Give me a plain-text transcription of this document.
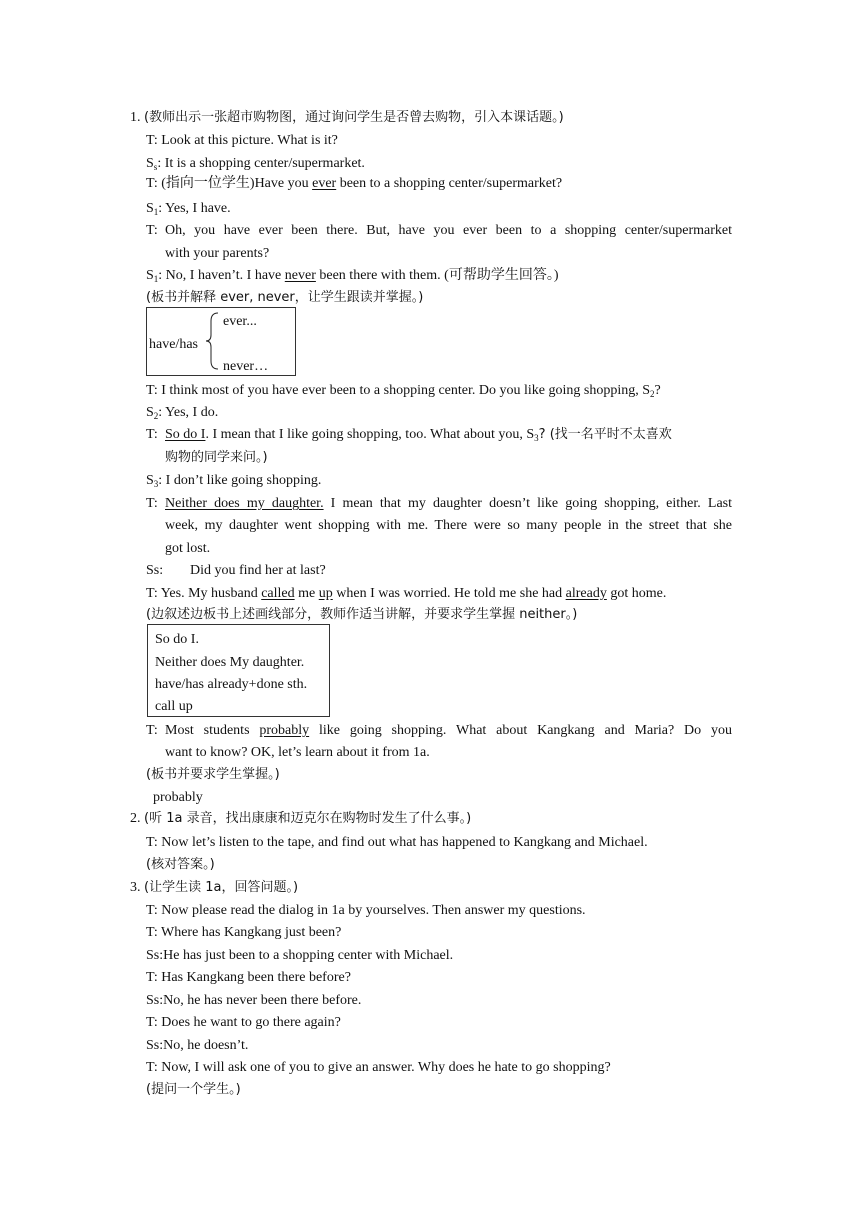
1. (教师出示一张超市购物图，通过询问学生是否曾去购物，引入本课话题。)
T: Look at this picture. What is it?
$S_s$: It is a shopping center/supermarket.
T: (指向一位学生)Have you ever been to a shopping center/supermarket?
$S_1$: Yes, I have.
T: Oh, you have ever been there. But, have you ever been to a shopping center/supermarket
with your parents?
$S_1$: No, I haven’t. I have never been there with them. (可帮助学生回答。)
(板书并解释 ever, never，让学生跟读并掌握。)
have/has
ever...
never…
T: I think most of you have ever been to a shopping center. Do you like going shopping, $S_2$?
$S_2$: Yes, I do.
T: So do I. I mean that I like going shopping, too. What about you, $S_3$? (找一名平时不太喜欢
购物的同学来问。)
$S_3$: I don’t like going shopping.
T: Neither does my daughter. I mean that my daughter doesn’t like going shopping, either. Last
week, my daughter went shopping with me. There were so many people in the street that she
got lost.
Ss: Did you find her at last?
T: Yes. My husband called me up when I was worried. He told me she had already got home.
(边叙述边板书上述画线部分，教师作适当讲解，并要求学生掌握 neither。)
So do I.
Neither does My daughter.
have/has already+done sth.
call up
T: Most students probably like going shopping. What about Kangkang and Maria? Do you
want to know? OK, let’s learn about it from 1a.
(板书并要求学生掌握。)
probably
2. (听 1a 录音，找出康康和迈克尔在购物时发生了什么事。)
T: Now let’s listen to the tape, and find out what has happened to Kangkang and Michael.
(核对答案。)
3. (让学生读 1a，回答问题。)
T: Now please read the dialog in 1a by yourselves. Then answer my questions.
T: Where has Kangkang just been?
Ss:He has just been to a shopping center with Michael.
T: Has Kangkang been there before?
Ss:No, he has never been there before.
T: Does he want to go there again?
Ss:No, he doesn’t.
T: Now, I will ask one of you to give an answer. Why does he hate to go shopping?
(提问一个学生。)
